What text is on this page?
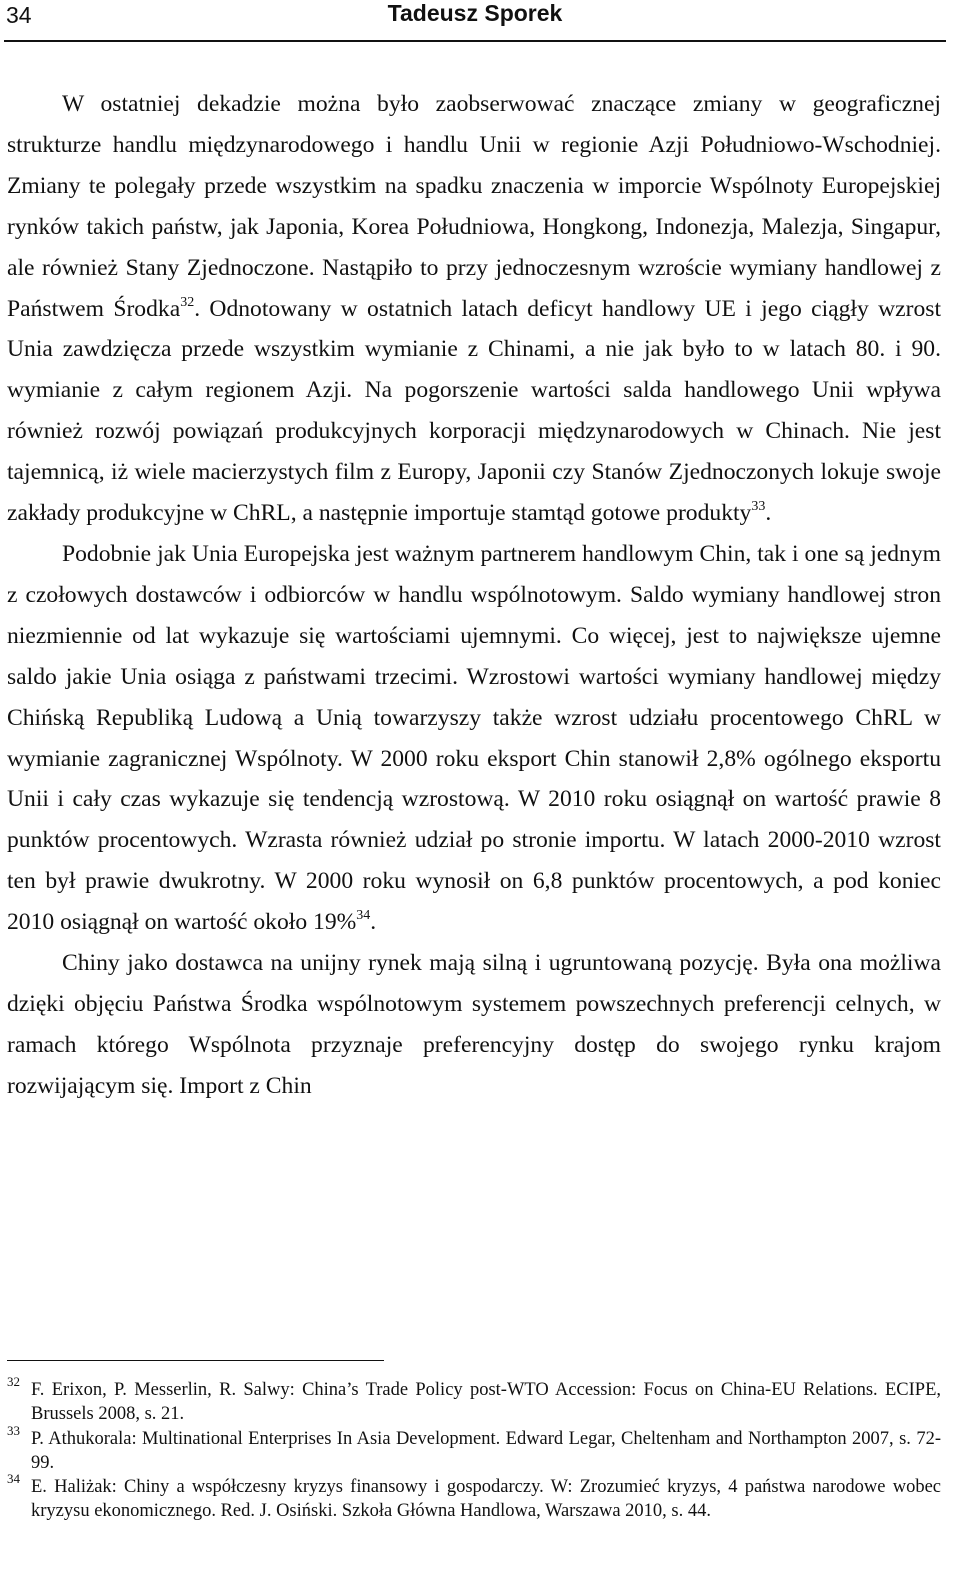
34	Tadeusz Sporek

W ostatniej dekadzie można było zaobserwować znaczące zmiany w geograficznej strukturze handlu międzynarodowego i handlu Unii w regionie Azji Południowo-Wschodniej. Zmiany te polegały przede wszystkim na spadku znaczenia w imporcie Wspólnoty Europejskiej rynków takich państw, jak Japonia, Korea Południowa, Hongkong, Indonezja, Malezja, Singapur, ale również Stany Zjednoczone. Nastąpiło to przy jednoczesnym wzroście wymiany handlowej z Państwem Środka$^{32}$. Odnotowany w ostatnich latach deficyt handlowy UE i jego ciągły wzrost Unia zawdzięcza przede wszystkim wymianie z Chinami, a nie jak było to w latach 80. i 90. wymianie z całym regionem Azji. Na pogorszenie wartości salda handlowego Unii wpływa również rozwój powiązań produkcyjnych korporacji międzynarodowych w Chinach. Nie jest tajemnicą, iż wiele macierzystych film z Europy, Japonii czy Stanów Zjednoczonych lokuje swoje zakłady produkcyjne w ChRL, a następnie importuje stamtąd gotowe produkty$^{33}$.

Podobnie jak Unia Europejska jest ważnym partnerem handlowym Chin, tak i one są jednym z czołowych dostawców i odbiorców w handlu wspólnotowym. Saldo wymiany handlowej stron niezmiennie od lat wykazuje się wartościami ujemnymi. Co więcej, jest to największe ujemne saldo jakie Unia osiąga z państwami trzecimi. Wzrostowi wartości wymiany handlowej między Chińską Republiką Ludową a Unią towarzyszy także wzrost udziału procentowego ChRL w wymianie zagranicznej Wspólnoty. W 2000 roku eksport Chin stanowił 2,8% ogólnego eksportu Unii i cały czas wykazuje się tendencją wzrostową. W 2010 roku osiągnął on wartość prawie 8 punktów procentowych. Wzrasta również udział po stronie importu. W latach 2000-2010 wzrost ten był prawie dwukrotny. W 2000 roku wynosił on 6,8 punktów procentowych, a pod koniec 2010 osiągnął on wartość około 19%$^{34}$.

Chiny jako dostawca na unijny rynek mają silną i ugruntowaną pozycję. Była ona możliwa dzięki objęciu Państwa Środka wspólnotowym systemem powszechnych preferencji celnych, w ramach którego Wspólnota przyznaje preferencyjny dostęp do swojego rynku krajom rozwijającym się. Import z Chin

32 F. Erixon, P. Messerlin, R. Salwy: China’s Trade Policy post-WTO Accession: Focus on China-EU Relations. ECIPE, Brussels 2008, s. 21.
33 P. Athukorala: Multinational Enterprises In Asia Development. Edward Legar, Cheltenham and Northampton 2007, s. 72-99.
34 E. Haliżak: Chiny a współczesny kryzys finansowy i gospodarczy. W: Zrozumieć kryzys, 4 państwa narodowe wobec kryzysu ekonomicznego. Red. J. Osiński. Szkoła Główna Handlowa, Warszawa 2010, s. 44.
